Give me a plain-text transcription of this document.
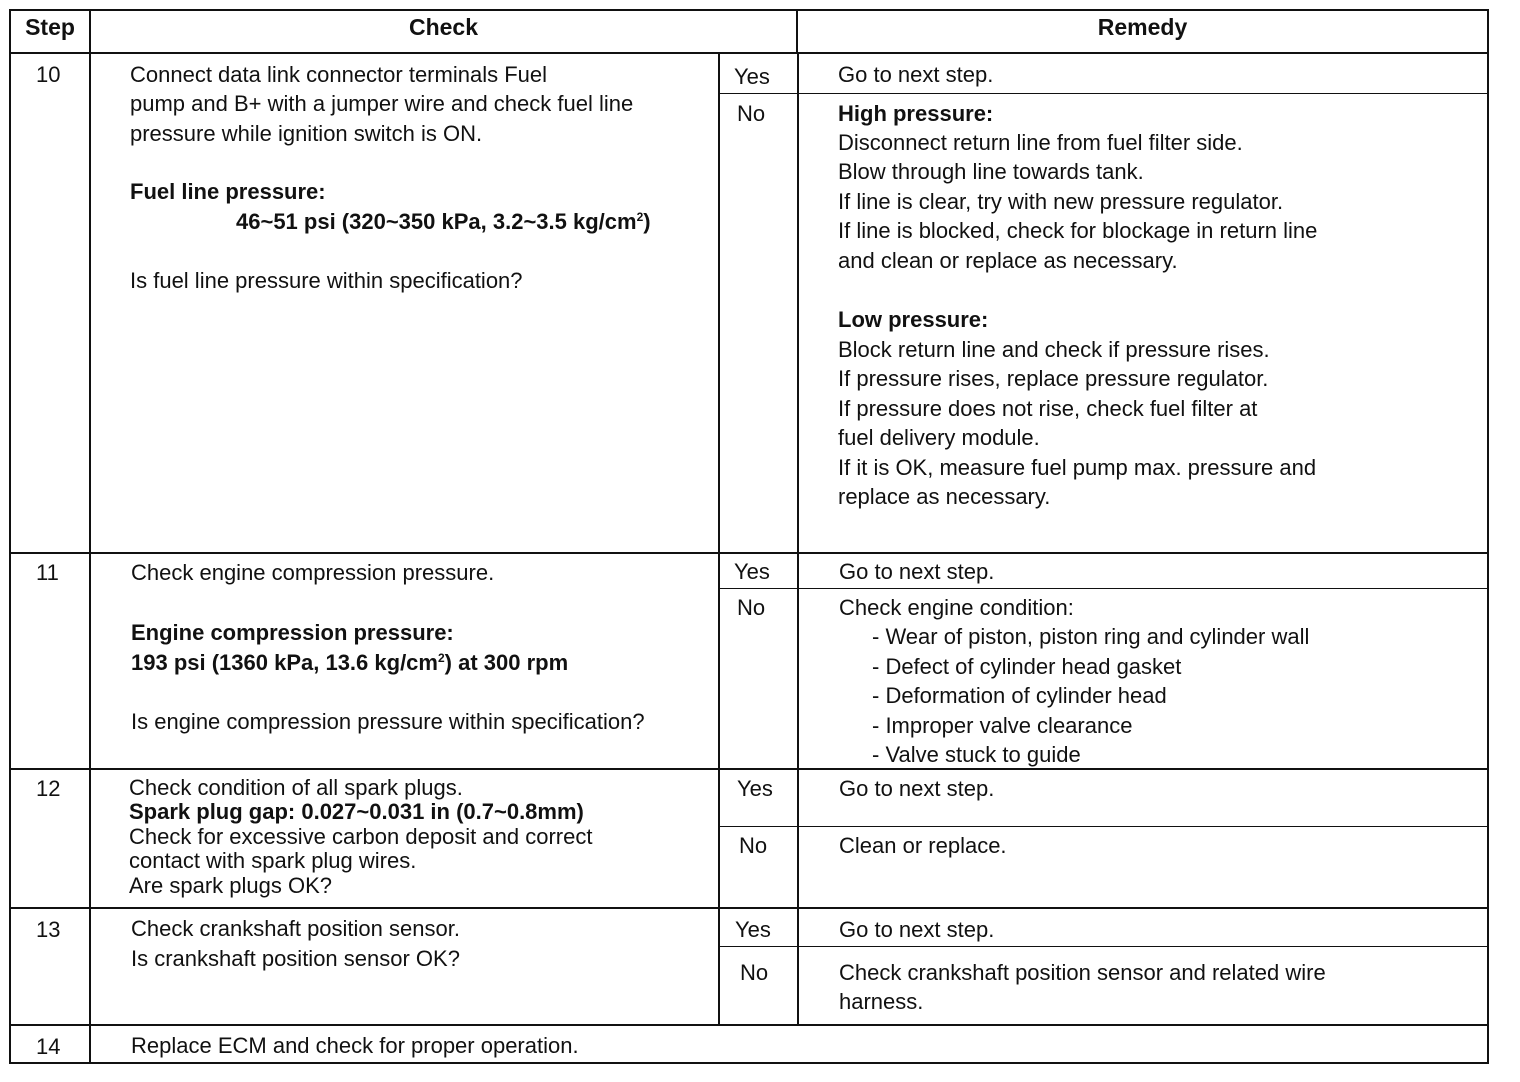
Step	Check	Remedy
10	Connect data link connector terminals Fuel
pump and B+ with a jumper wire and check fuel line
pressure while ignition switch is ON.
Fuel line pressure:
46~51 psi (320~350 kPa, 3.2~3.5 $kg/cm^2$)
Is fuel line pressure within specification?
Yes	Go to next step.
No	High pressure:
Disconnect return line from fuel filter side.
Blow through line towards tank.
If line is clear, try with new pressure regulator.
If line is blocked, check for blockage in return line
and clean or replace as necessary.
Low pressure:
Block return line and check if pressure rises.
If pressure rises, replace pressure regulator.
If pressure does not rise, check fuel filter at
fuel delivery module.
If it is OK, measure fuel pump max. pressure and
replace as necessary.
11	Check engine compression pressure.
Engine compression pressure:
193 psi (1360 kPa, 13.6 $kg/cm^2$) at 300 rpm
Is engine compression pressure within specification?
Yes	Go to next step.
No	Check engine condition:
- Wear of piston, piston ring and cylinder wall
- Defect of cylinder head gasket
- Deformation of cylinder head
- Improper valve clearance
- Valve stuck to guide
12	Check condition of all spark plugs.
Spark plug gap: 0.027~0.031 in (0.7~0.8mm)
Check for excessive carbon deposit and correct
contact with spark plug wires.
Are spark plugs OK?
Yes	Go to next step.
No	Clean or replace.
13	Check crankshaft position sensor.
Is crankshaft position sensor OK?
Yes	Go to next step.
No	Check crankshaft position sensor and related wire
harness.
14	Replace ECM and check for proper operation.
